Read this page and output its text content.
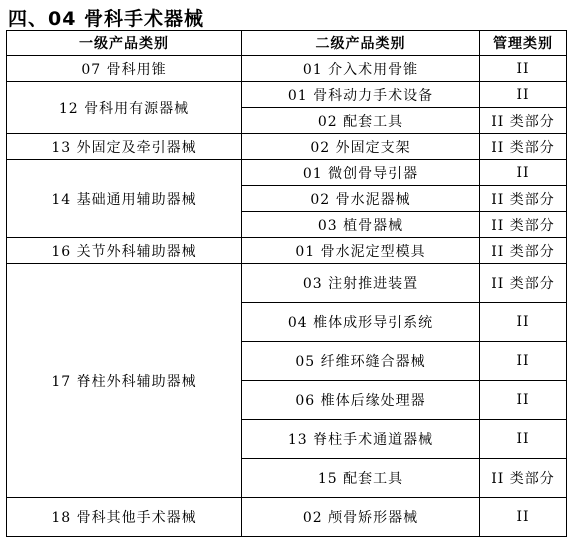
四、04 骨科手术器械
一级产品类别	二级产品类别	管理类别
07 骨科用锥	01 介入术用骨锥	II
12 骨科用有源器械	01 骨科动力手术设备	II
	02 配套工具	II 类部分
13 外固定及牵引器械	02 外固定支架	II 类部分
14 基础通用辅助器械	01 微创骨导引器	II
	02 骨水泥器械	II 类部分
	03 植骨器械	II 类部分
16 关节外科辅助器械	01 骨水泥定型模具	II 类部分
17 脊柱外科辅助器械	03 注射推进装置	II 类部分
	04 椎体成形导引系统	II
	05 纤维环缝合器械	II
	06 椎体后缘处理器	II
	13 脊柱手术通道器械	II
	15 配套工具	II 类部分
18 骨科其他手术器械	02 颅骨矫形器械	II
